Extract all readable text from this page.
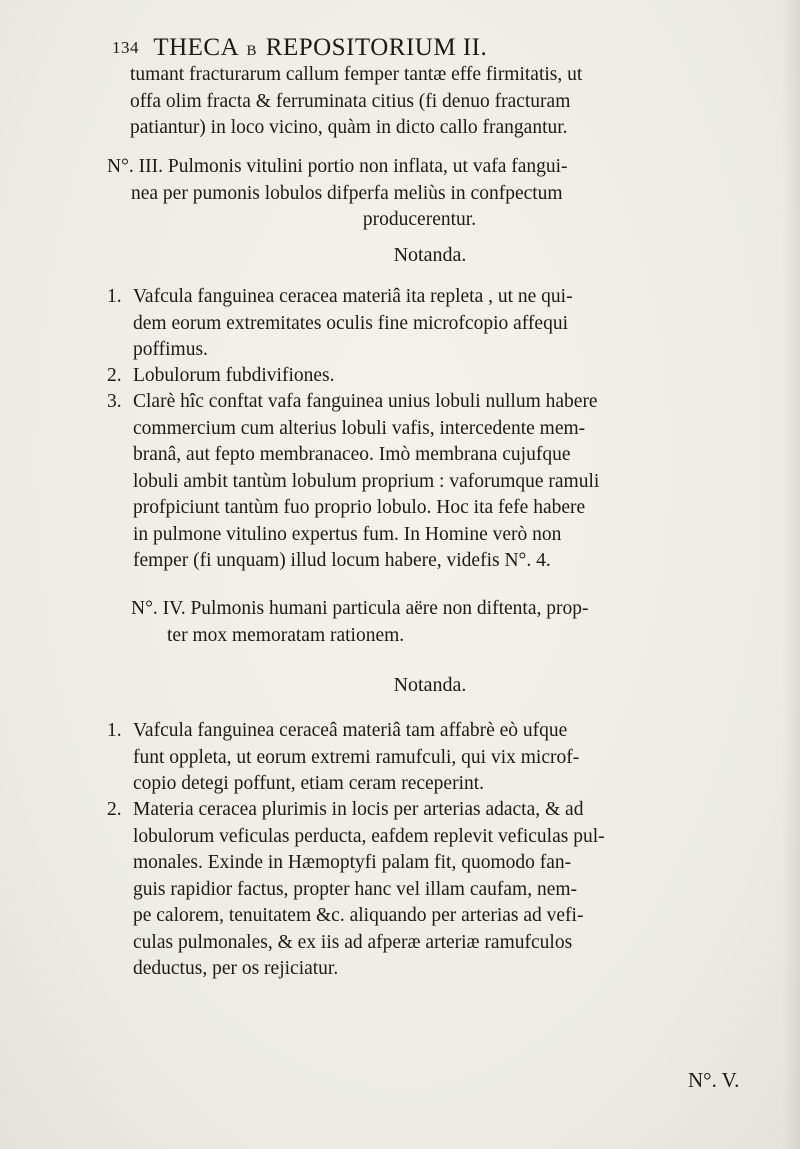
134 THECA B REPOSITORIUM II.
tumant fracturarum callum femper tantæ effe firmitatis, ut
offa olim fracta & ferruminata citius (fi denuo fracturam
patiantur) in loco vicino, quàm in dicto callo frangantur.
N°. III. Pulmonis vitulini portio non inflata, ut vafa fangui-
nea per pumonis lobulos difperfa meliùs in confpectum
producerentur.
Notanda.
1. Vafcula fanguinea ceracea materiâ ita repleta , ut ne qui-
dem eorum extremitates oculis fine microfcopio affequi
poffimus.
2. Lobulorum fubdivifiones.
3. Clarè hîc conftat vafa fanguinea unius lobuli nullum habere
commercium cum alterius lobuli vafis, intercedente mem-
branâ, aut fepto membranaceo. Imò membrana cujufque
lobuli ambit tantùm lobulum proprium : vaforumque ramuli
profpiciunt tantùm fuo proprio lobulo. Hoc ita fefe habere
in pulmone vitulino expertus fum. In Homine verò non
femper (fi unquam) illud locum habere, videfis N°. 4.
N°. IV. Pulmonis humani particula aëre non diftenta, prop-
ter mox memoratam rationem.
Notanda.
1. Vafcula fanguinea ceraceâ materiâ tam affabrè eò ufque
funt oppleta, ut eorum extremi ramufculi, qui vix microf-
copio detegi poffunt, etiam ceram receperint.
2. Materia ceracea plurimis in locis per arterias adacta, & ad
lobulorum veficulas perducta, eafdem replevit veficulas pul-
monales. Exinde in Hæmoptyfi palam fit, quomodo fan-
guis rapidior factus, propter hanc vel illam caufam, nem-
pe calorem, tenuitatem &c. aliquando per arterias ad vefi-
culas pulmonales, & ex iis ad afperæ arteriæ ramufculos
deductus, per os rejiciatur.
N°. V.
